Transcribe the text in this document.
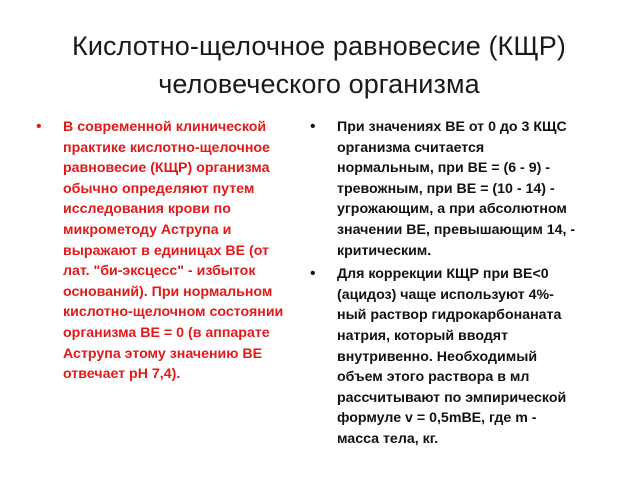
Кислотно-щелочное равновесие (КЩР)
человеческого организма
• В современной клинической
практике кислотно-щелочное
равновесие (КЩР) организма
обычно определяют путем
исследования крови по
микрометоду Аструпа и
выражают в единицах ВЕ (от
лат. "би-эксцесс" - избыток
оснований). При нормальном
кислотно-щелочном состоянии
организма ВЕ = 0 (в аппарате
Аструпа этому значению ВЕ
отвечает рН 7,4).
• При значениях ВЕ от 0 до 3 КЩС
организма считается
нормальным, при ВЕ = (6 - 9) -
тревожным, при ВЕ = (10 - 14) -
угрожающим, а при абсолютном
значении ВЕ, превышающим 14, -
критическим.
• Для коррекции КЩР при ВЕ<0
(ацидоз) чаще используют 4%-
ный раствор гидрокарбонаната
натрия, который вводят
внутривенно. Необходимый
объем этого раствора в мл
рассчитывают по эмпирической
формуле v = 0,5mВЕ, где m -
масса тела, кг.
